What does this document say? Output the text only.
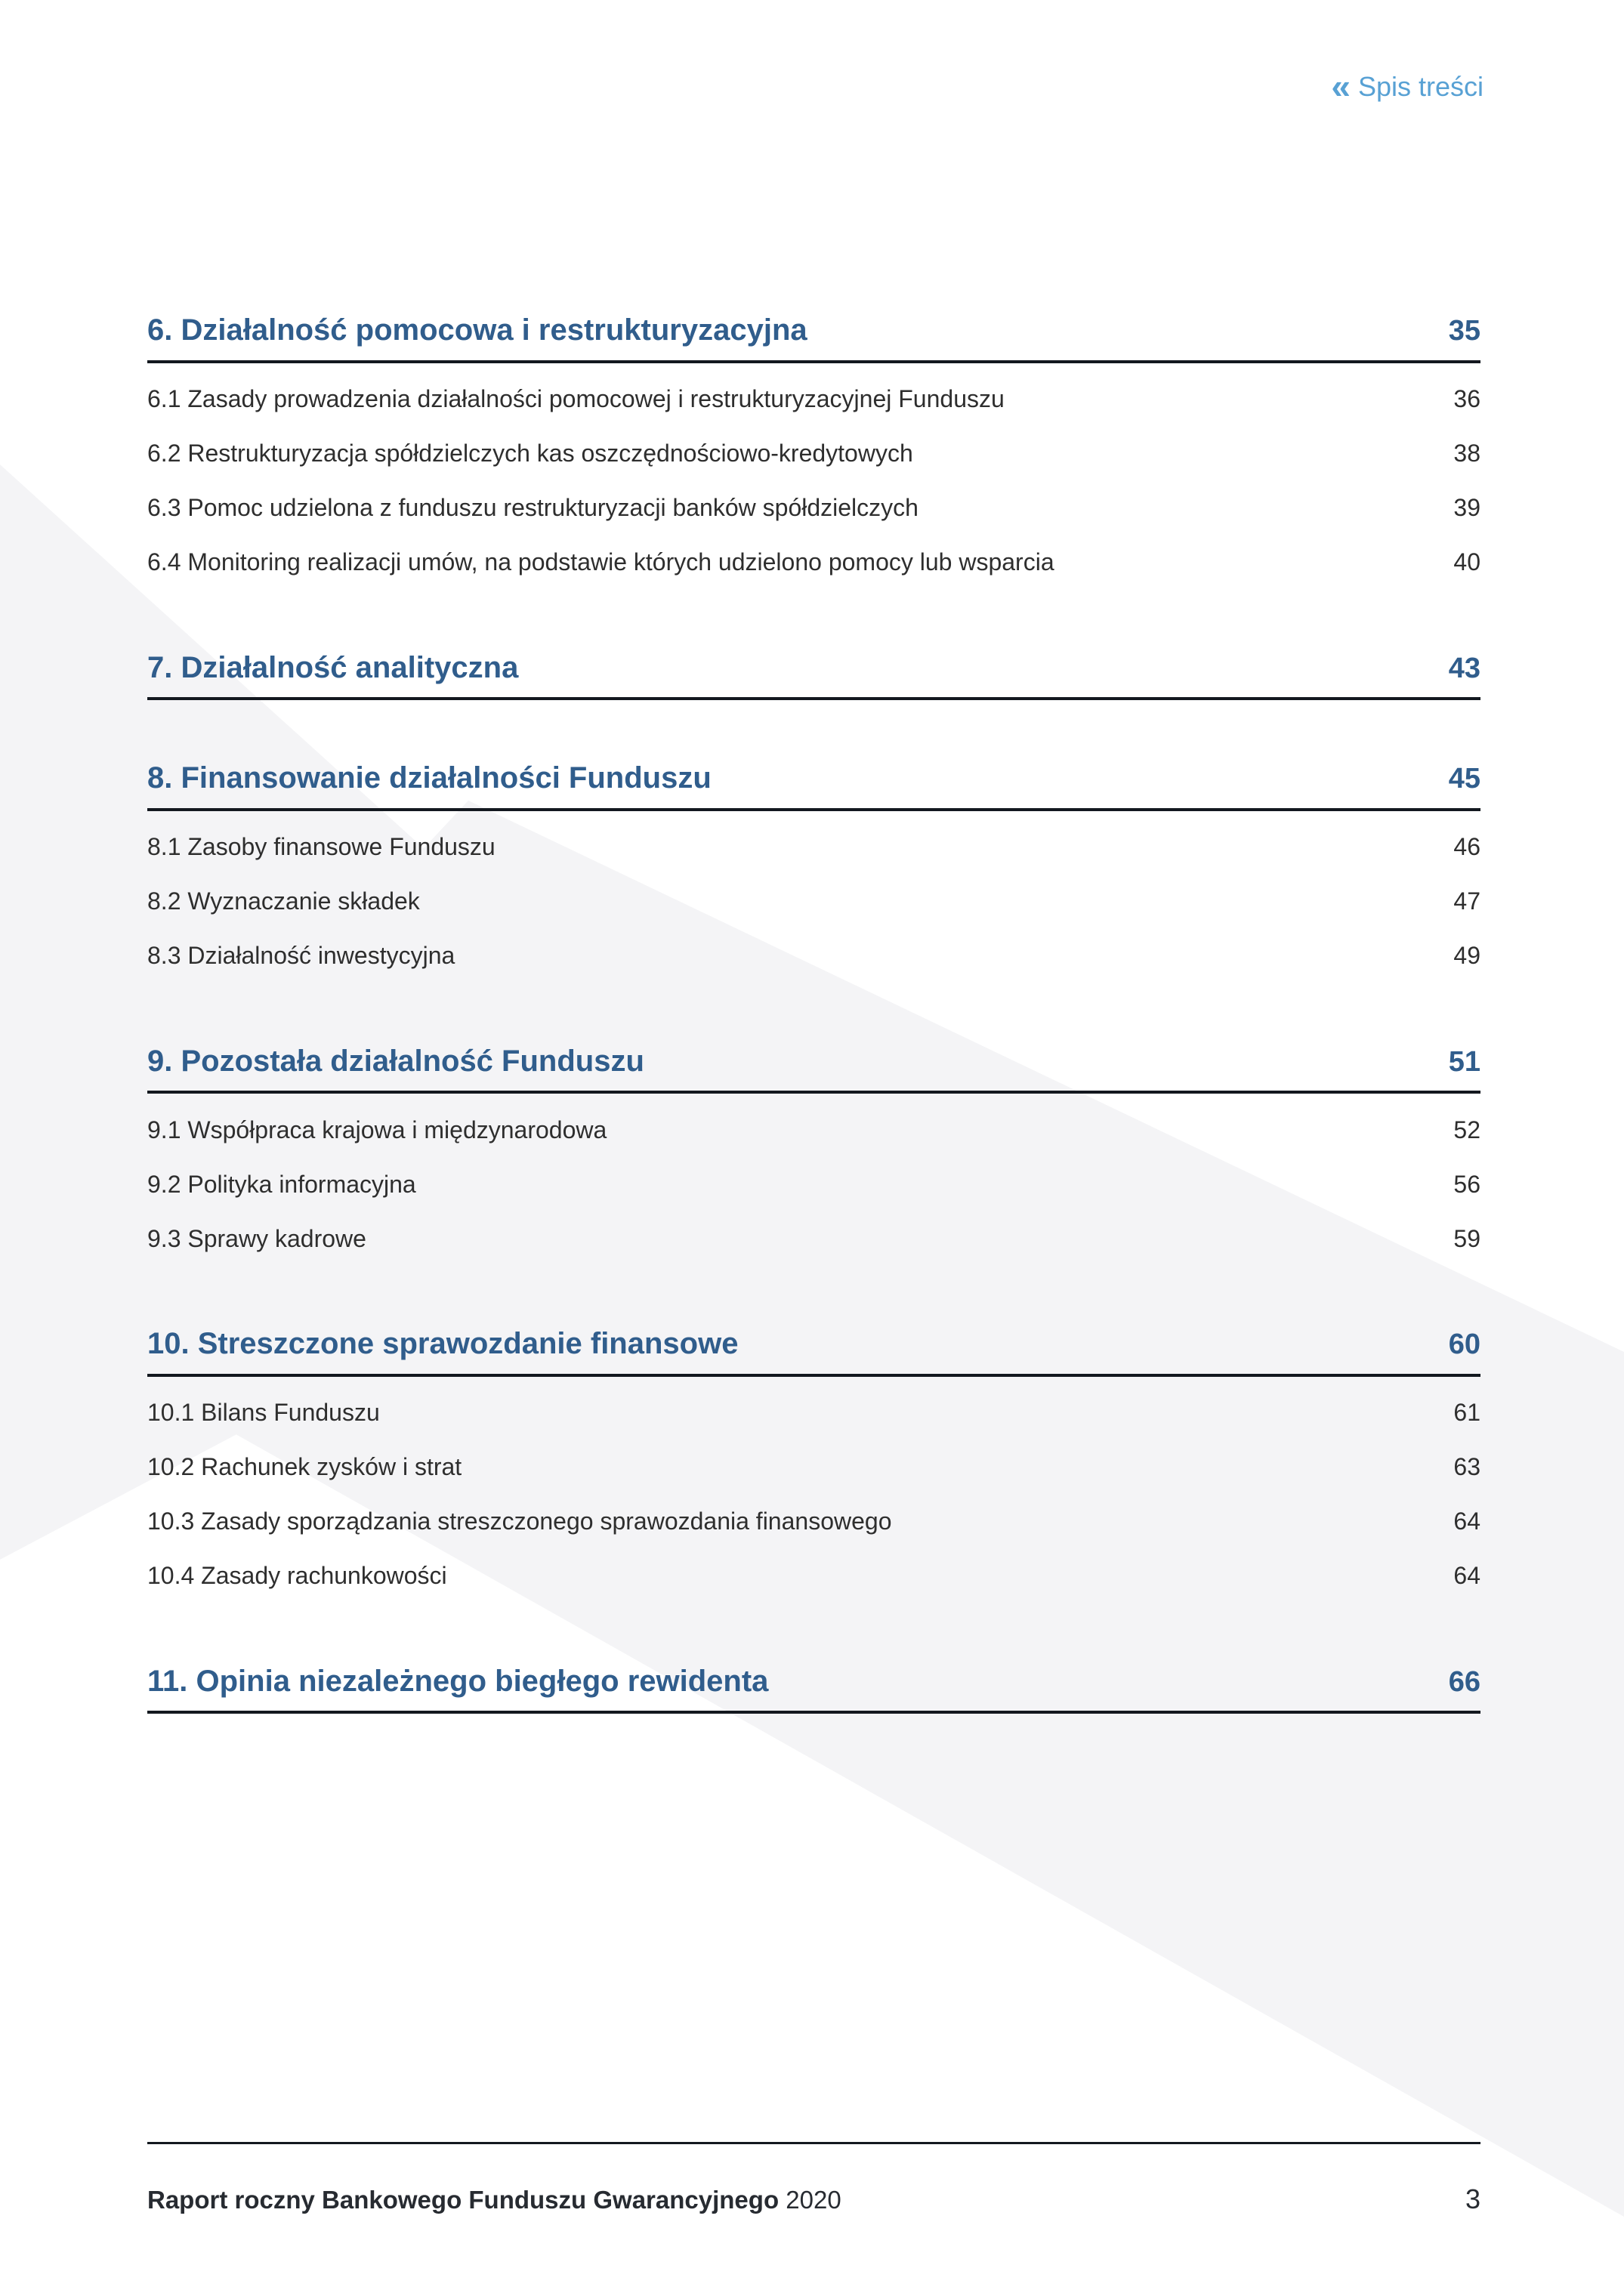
« Spis treści
6. Działalność pomocowa i restrukturyzacyjna	35
6.1 Zasady prowadzenia działalności pomocowej i restrukturyzacyjnej Funduszu	36
6.2 Restrukturyzacja spółdzielczych kas oszczędnościowo-kredytowych	38
6.3 Pomoc udzielona z funduszu restrukturyzacji banków spółdzielczych	39
6.4 Monitoring realizacji umów, na podstawie których udzielono pomocy lub wsparcia	40
7. Działalność analityczna	43
8. Finansowanie działalności Funduszu	45
8.1 Zasoby finansowe Funduszu	46
8.2 Wyznaczanie składek	47
8.3 Działalność inwestycyjna	49
9. Pozostała działalność Funduszu	51
9.1 Współpraca krajowa i międzynarodowa	52
9.2 Polityka informacyjna	56
9.3 Sprawy kadrowe	59
10. Streszczone sprawozdanie finansowe	60
10.1 Bilans Funduszu	61
10.2 Rachunek zysków i strat	63
10.3 Zasady sporządzania streszczonego sprawozdania finansowego	64
10.4 Zasady rachunkowości	64
11. Opinia niezależnego biegłego rewidenta	66
Raport roczny Bankowego Funduszu Gwarancyjnego 2020	3
